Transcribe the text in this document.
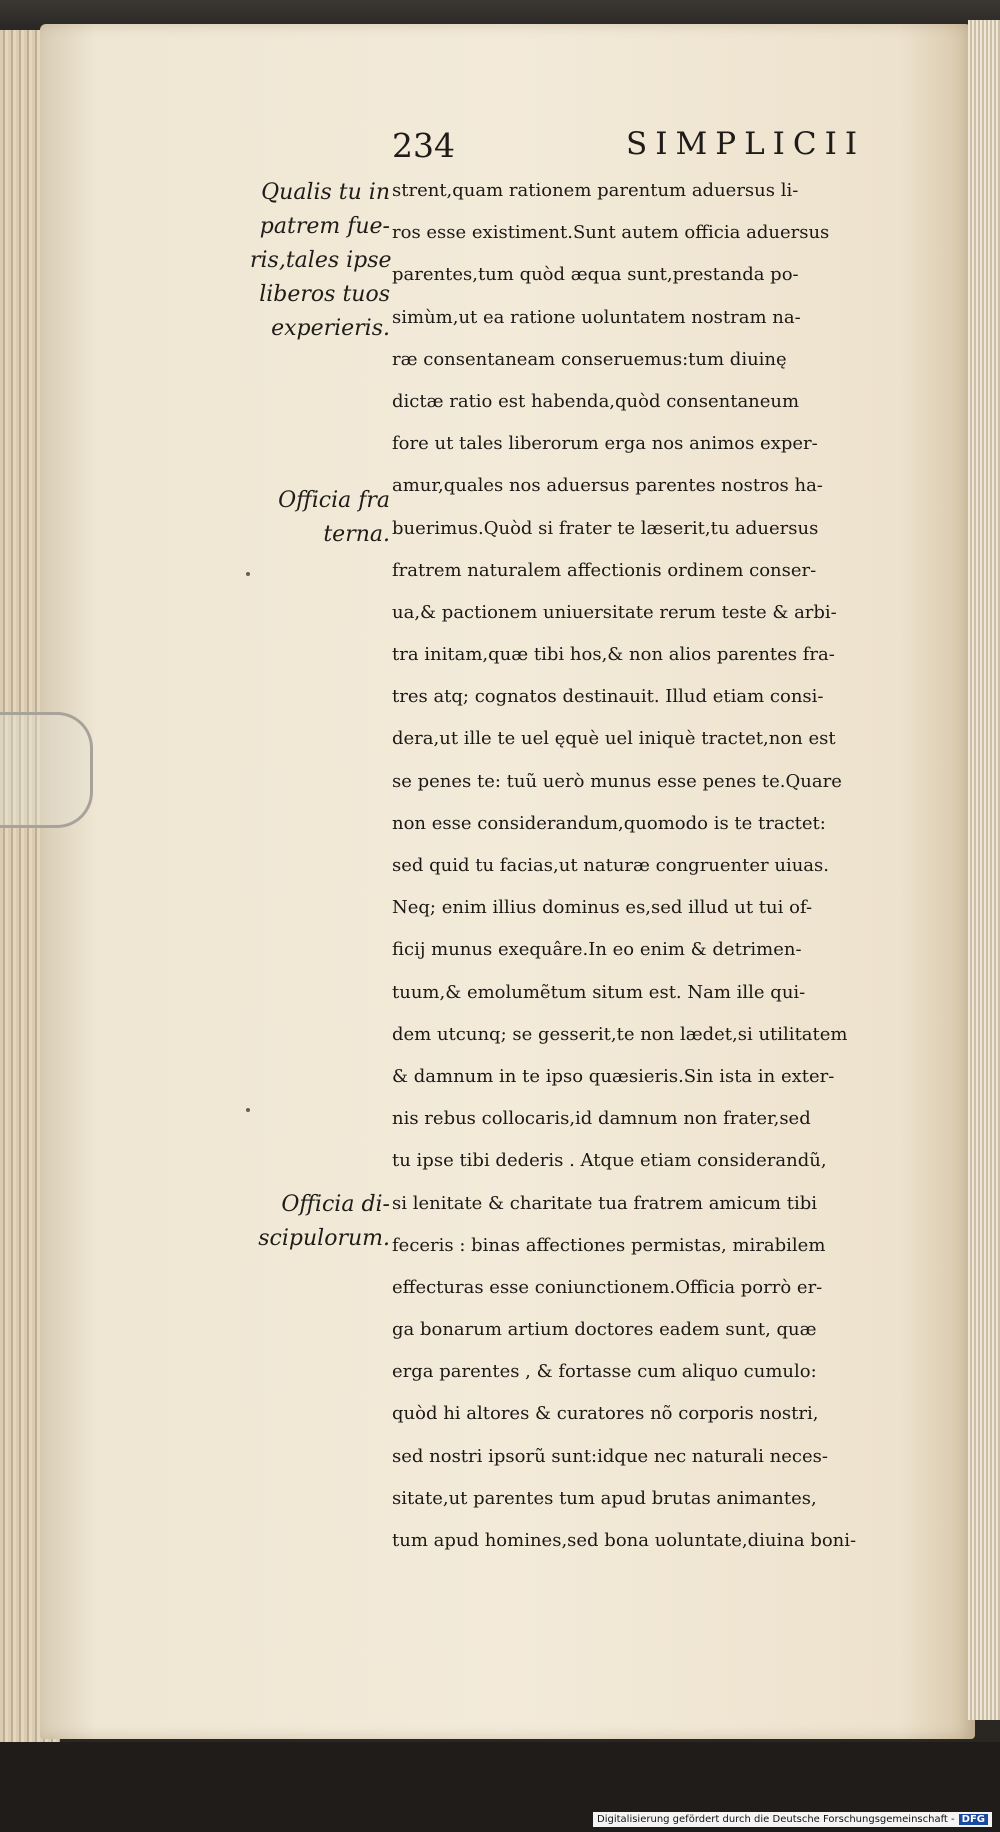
234	SIMPLICII
Qualis tu in
patrem fue-
ris,tales ipse
liberos tuos
experieris.
Officia fra
terna.
Officia di-
scipulorum.
strent,quam rationem parentum aduersus li-
ros esse existiment.Sunt autem officia aduersus
parentes,tum quòd æqua sunt,prestanda po-
simùm,ut ea ratione uoluntatem nostram na-
ræ consentaneam conseruemus:tum diuinę
dictæ ratio est habenda,quòd consentaneum
fore ut tales liberorum erga nos animos exper-
amur,quales nos aduersus parentes nostros ha-
buerimus.Quòd si frater te læserit,tu aduersus
fratrem naturalem affectionis ordinem conser-
ua,& pactionem uniuersitate rerum teste & arbi-
tra initam,quæ tibi hos,& non alios parentes fra-
tres atq; cognatos destinauit. Illud etiam consi-
dera,ut ille te uel ęquè uel iniquè tractet,non est
se penes te: tuũ uerò munus esse penes te.Quare
non esse considerandum,quomodo is te tractet:
sed quid tu facias,ut naturæ congruenter uiuas.
Neq; enim illius dominus es,sed illud ut tui of-
ficij munus exequâre.In eo enim & detrimen-
tuum,& emolumẽtum situm est. Nam ille qui-
dem utcunq; se gesserit,te non lædet,si utilitatem
& damnum in te ipso quæsieris.Sin ista in exter-
nis rebus collocaris,id damnum non frater,sed
tu ipse tibi dederis . Atque etiam considerandũ,
si lenitate & charitate tua fratrem amicum tibi
feceris : binas affectiones permistas, mirabilem
effecturas esse coniunctionem.Officia porrò er-
ga bonarum artium doctores eadem sunt, quæ
erga parentes , & fortasse cum aliquo cumulo:
quòd hi altores & curatores nõ corporis nostri,
sed nostri ipsorũ sunt:idque nec naturali neces-
sitate,ut parentes tum apud brutas animantes,
tum apud homines,sed bona uoluntate,diuina boni-
Digitalisierung gefördert durch die Deutsche Forschungsgemeinschaft - DFG
